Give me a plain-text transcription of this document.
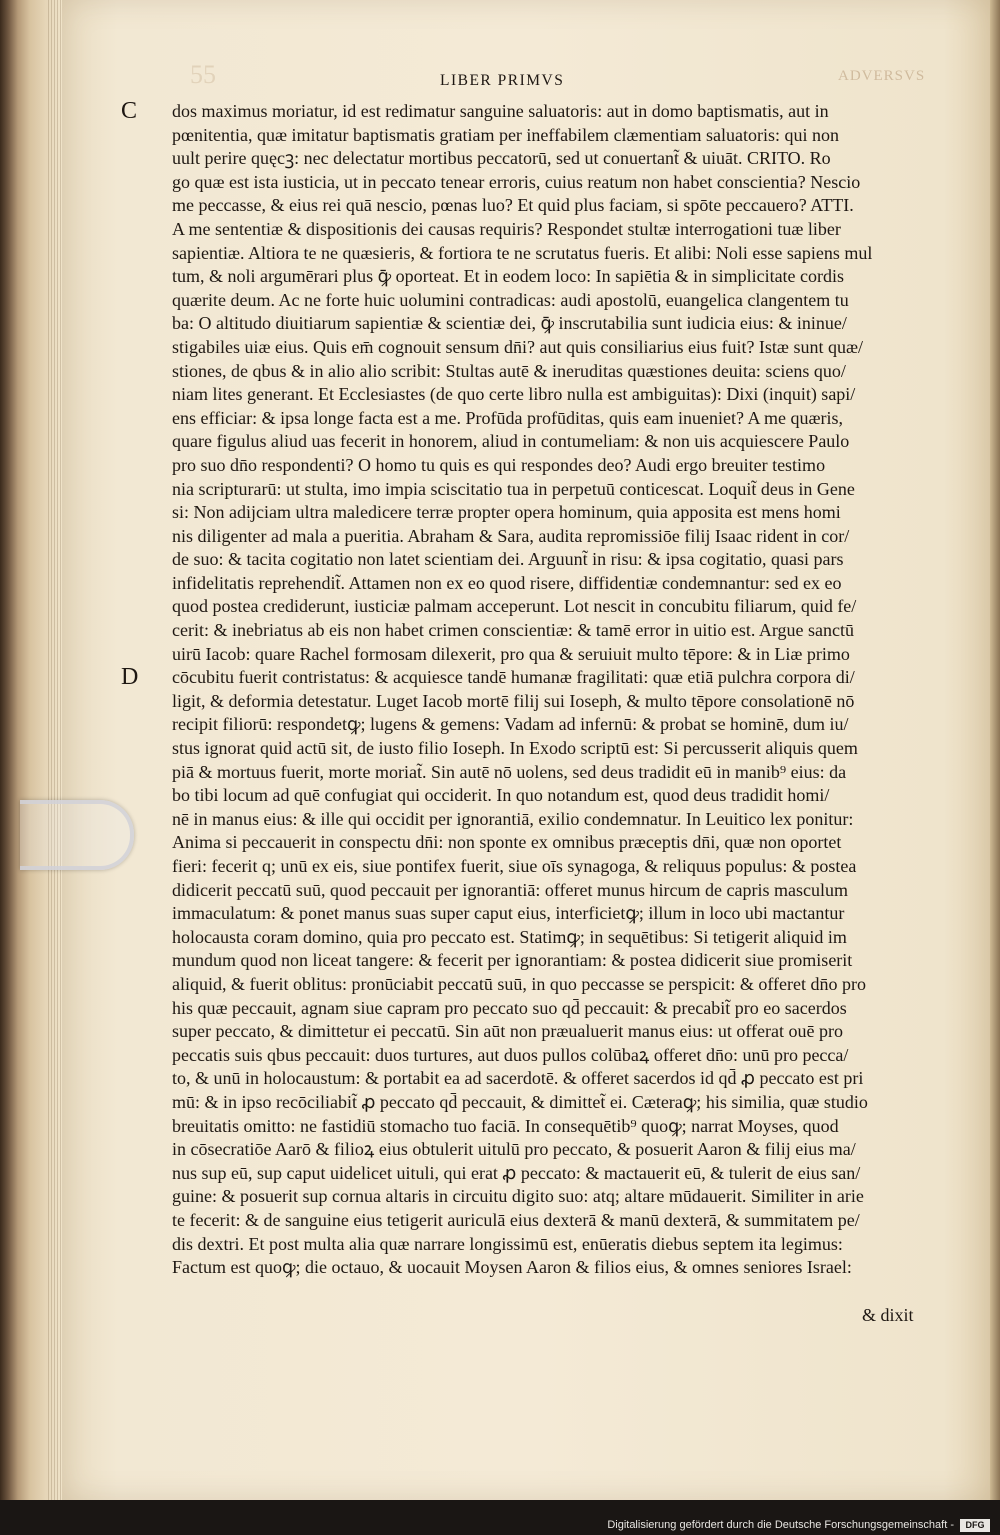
55	ADVERSVS
LIBER PRIMVS
C
D
dos maximus moriatur, id est redimatur sanguine saluatoris: aut in domo baptismatis, aut in
pœnitentia, quæ imitatur baptismatis gratiam per ineffabilem clæmentiam saluatoris: qui non
uult perire quęcꝫ: nec delectatur mortibus peccatorū, sed ut conuertant̃ & uiuāt. CRITO. Ro
go quæ est ista iusticia, ut in peccato tenear erroris, cuius reatum non habet conscientia? Nescio
me peccasse, & eius rei quā nescio, pœnas luo? Et quid plus faciam, si spōte peccauero? ATTI.
A me sententiæ & dispositionis dei causas requiris? Respondet stultæ interrogationi tuæ liber
sapientiæ. Altiora te ne quæsieris, & fortiora te ne scrutatus fueris. Et alibi: Noli esse sapiens mul
tum, & noli argumērari plus ꝙ̄ oporteat. Et in eodem loco: In sapiētia & in simplicitate cordis
quærite deum. Ac ne forte huic uolumini contradicas: audi apostolū, euangelica clangentem tu
ba: O altitudo diuitiarum sapientiæ & scientiæ dei, ꝙ̄ inscrutabilia sunt iudicia eius: & ininue/
stigabiles uiæ eius. Quis em̄ cognouit sensum dn̄i? aut quis consiliarius eius fuit? Istæ sunt quæ/
stiones, de qbus & in alio alio scribit: Stultas autē & ineruditas quæstiones deuita: sciens quo/
niam lites generant. Et Ecclesiastes (de quo certe libro nulla est ambiguitas): Dixi (inquit) sapi/
ens efficiar: & ipsa longe facta est a me. Profūda profūditas, quis eam inueniet? A me quæris,
quare figulus aliud uas fecerit in honorem, aliud in contumeliam: & non uis acquiescere Paulo
pro suo dn̄o respondenti? O homo tu quis es qui respondes deo? Audi ergo breuiter testimo
nia scripturarū: ut stulta, imo impia sciscitatio tua in perpetuū conticescat. Loquit̃ deus in Gene
si: Non adijciam ultra maledicere terræ propter opera hominum, quia apposita est mens homi
nis diligenter ad mala a pueritia. Abraham & Sara, audita repromissiōe filij Isaac rident in cor/
de suo: & tacita cogitatio non latet scientiam dei. Arguunt̃ in risu: & ipsa cogitatio, quasi pars
infidelitatis reprehendit̃. Attamen non ex eo quod risere, diffidentiæ condemnantur: sed ex eo
quod postea crediderunt, iusticiæ palmam acceperunt. Lot nescit in concubitu filiarum, quid fe/
cerit: & inebriatus ab eis non habet crimen conscientiæ: & tamē error in uitio est. Argue sanctū
uirū Iacob: quare Rachel formosam dilexerit, pro qua & seruiuit multo tēpore: & in Liæ primo
cōcubitu fuerit contristatus: & acquiesce tandē humanæ fragilitati: quæ etiā pulchra corpora di/
ligit, & deformia detestatur. Luget Iacob mortē filij sui Ioseph, & multo tēpore consolationē nō
recipit filiorū: respondetꝙ; lugens & gemens: Vadam ad infernū: & probat se hominē, dum iu/
stus ignorat quid actū sit, de iusto filio Ioseph. In Exodo scriptū est: Si percusserit aliquis quem
piā & mortuus fuerit, morte moriat̃. Sin autē nō uolens, sed deus tradidit eū in manib⁹ eius: da
bo tibi locum ad quē confugiat qui occiderit. In quo notandum est, quod deus tradidit homi/
nē in manus eius: & ille qui occidit per ignorantiā, exilio condemnatur. In Leuitico lex ponitur:
Anima si peccauerit in conspectu dn̄i: non sponte ex omnibus præceptis dn̄i, quæ non oportet
fieri: fecerit q; unū ex eis, siue pontifex fuerit, siue oīs synagoga, & reliquus populus: & postea
didicerit peccatū suū, quod peccauit per ignorantiā: offeret munus hircum de capris masculum
immaculatum: & ponet manus suas super caput eius, interficietꝙ; illum in loco ubi mactantur
holocausta coram domino, quia pro peccato est. Statimꝙ; in sequētibus: Si tetigerit aliquid im
mundum quod non liceat tangere: & fecerit per ignorantiam: & postea didicerit siue promiserit
aliquid, & fuerit oblitus: pronūciabit peccatū suū, in quo peccasse se perspicit: & offeret dn̄o pro
his quæ peccauit, agnam siue capram pro peccato suo qd̄ peccauit: & precabit̃ pro eo sacerdos
super peccato, & dimittetur ei peccatū. Sin aūt non præualuerit manus eius: ut offerat ouē pro
peccatis suis qbus peccauit: duos turtures, aut duos pullos colūbaꝝ offeret dn̄o: unū pro pecca/
to, & unū in holocaustum: & portabit ea ad sacerdotē. & offeret sacerdos id qd̄ ꝓ peccato est pri
mū: & in ipso recōciliabit̃ ꝓ peccato qd̄ peccauit, & dimittet̃ ei. Cæteraꝙ; his similia, quæ studio
breuitatis omitto: ne fastidiū stomacho tuo faciā. In consequētib⁹ quoꝙ; narrat Moyses, quod
in cōsecratiōe Aarō & filioꝝ eius obtulerit uitulū pro peccato, & posuerit Aaron & filij eius ma/
nus sup eū, sup caput uidelicet uituli, qui erat ꝓ peccato: & mactauerit eū, & tulerit de eius san/
guine: & posuerit sup cornua altaris in circuitu digito suo: atq; altare mūdauerit. Similiter in arie
te fecerit: & de sanguine eius tetigerit auriculā eius dexterā & manū dexterā, & summitatem pe/
dis dextri. Et post multa alia quæ narrare longissimū est, enūeratis diebus septem ita legimus:
Factum est quoꝙ; die octauo, & uocauit Moysen Aaron & filios eius, & omnes seniores Israel:
& dixit
Digitalisierung gefördert durch die Deutsche Forschungsgemeinschaft -	DFG
